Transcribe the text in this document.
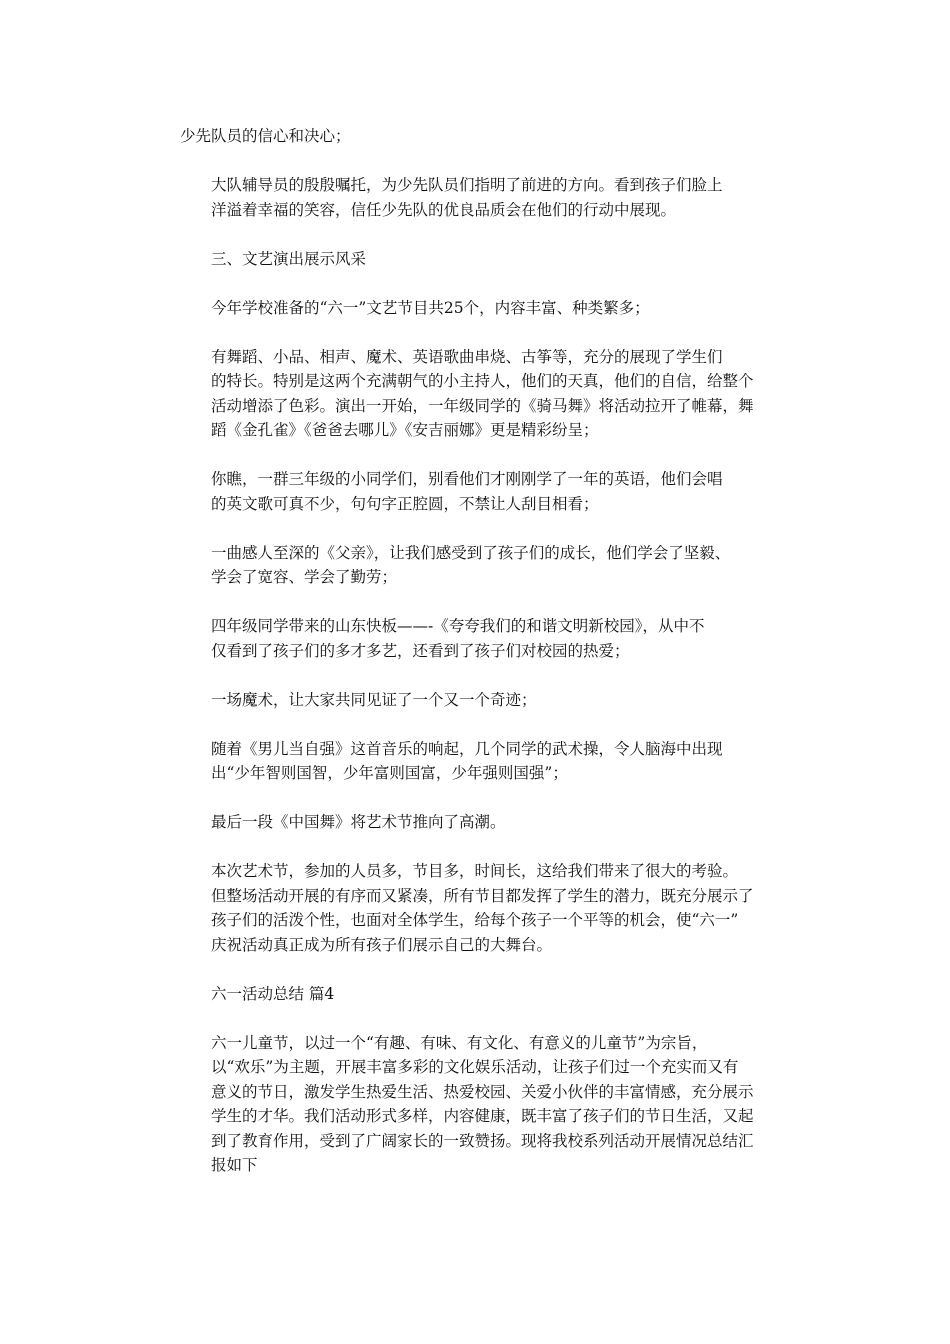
少先队员的信心和决心；

大队辅导员的殷殷嘱托，为少先队员们指明了前进的方向。看到孩子们脸上
洋溢着幸福的笑容，信任少先队的优良品质会在他们的行动中展现。

三、文艺演出展示风采

今年学校准备的“六一”文艺节目共25个，内容丰富、种类繁多；

有舞蹈、小品、相声、魔术、英语歌曲串烧、古筝等，充分的展现了学生们
的特长。特别是这两个充满朝气的小主持人，他们的天真，他们的自信，给整个
活动增添了色彩。演出一开始，一年级同学的《骑马舞》将活动拉开了帷幕，舞
蹈《金孔雀》《爸爸去哪儿》《安吉丽娜》更是精彩纷呈；

你瞧，一群三年级的小同学们，别看他们才刚刚学了一年的英语，他们会唱
的英文歌可真不少，句句字正腔圆，不禁让人刮目相看；

一曲感人至深的《父亲》，让我们感受到了孩子们的成长，他们学会了坚毅、
学会了宽容、学会了勤劳；

四年级同学带来的山东快板——-《夸夸我们的和谐文明新校园》，从中不
仅看到了孩子们的多才多艺，还看到了孩子们对校园的热爱；

一场魔术，让大家共同见证了一个又一个奇迹；

随着《男儿当自强》这首音乐的响起，几个同学的武术操，令人脑海中出现
出“少年智则国智，少年富则国富，少年强则国强”；

最后一段《中国舞》将艺术节推向了高潮。

本次艺术节，参加的人员多，节目多，时间长，这给我们带来了很大的考验。
但整场活动开展的有序而又紧凑，所有节目都发挥了学生的潜力，既充分展示了
孩子们的活泼个性，也面对全体学生，给每个孩子一个平等的机会，使“六一”
庆祝活动真正成为所有孩子们展示自己的大舞台。

六一活动总结 篇4

六一儿童节，以过一个“有趣、有味、有文化、有意义的儿童节”为宗旨，
以“欢乐”为主题，开展丰富多彩的文化娱乐活动，让孩子们过一个充实而又有
意义的节日，激发学生热爱生活、热爱校园、关爱小伙伴的丰富情感，充分展示
学生的才华。我们活动形式多样，内容健康，既丰富了孩子们的节日生活，又起
到了教育作用，受到了广阔家长的一致赞扬。现将我校系列活动开展情况总结汇
报如下
